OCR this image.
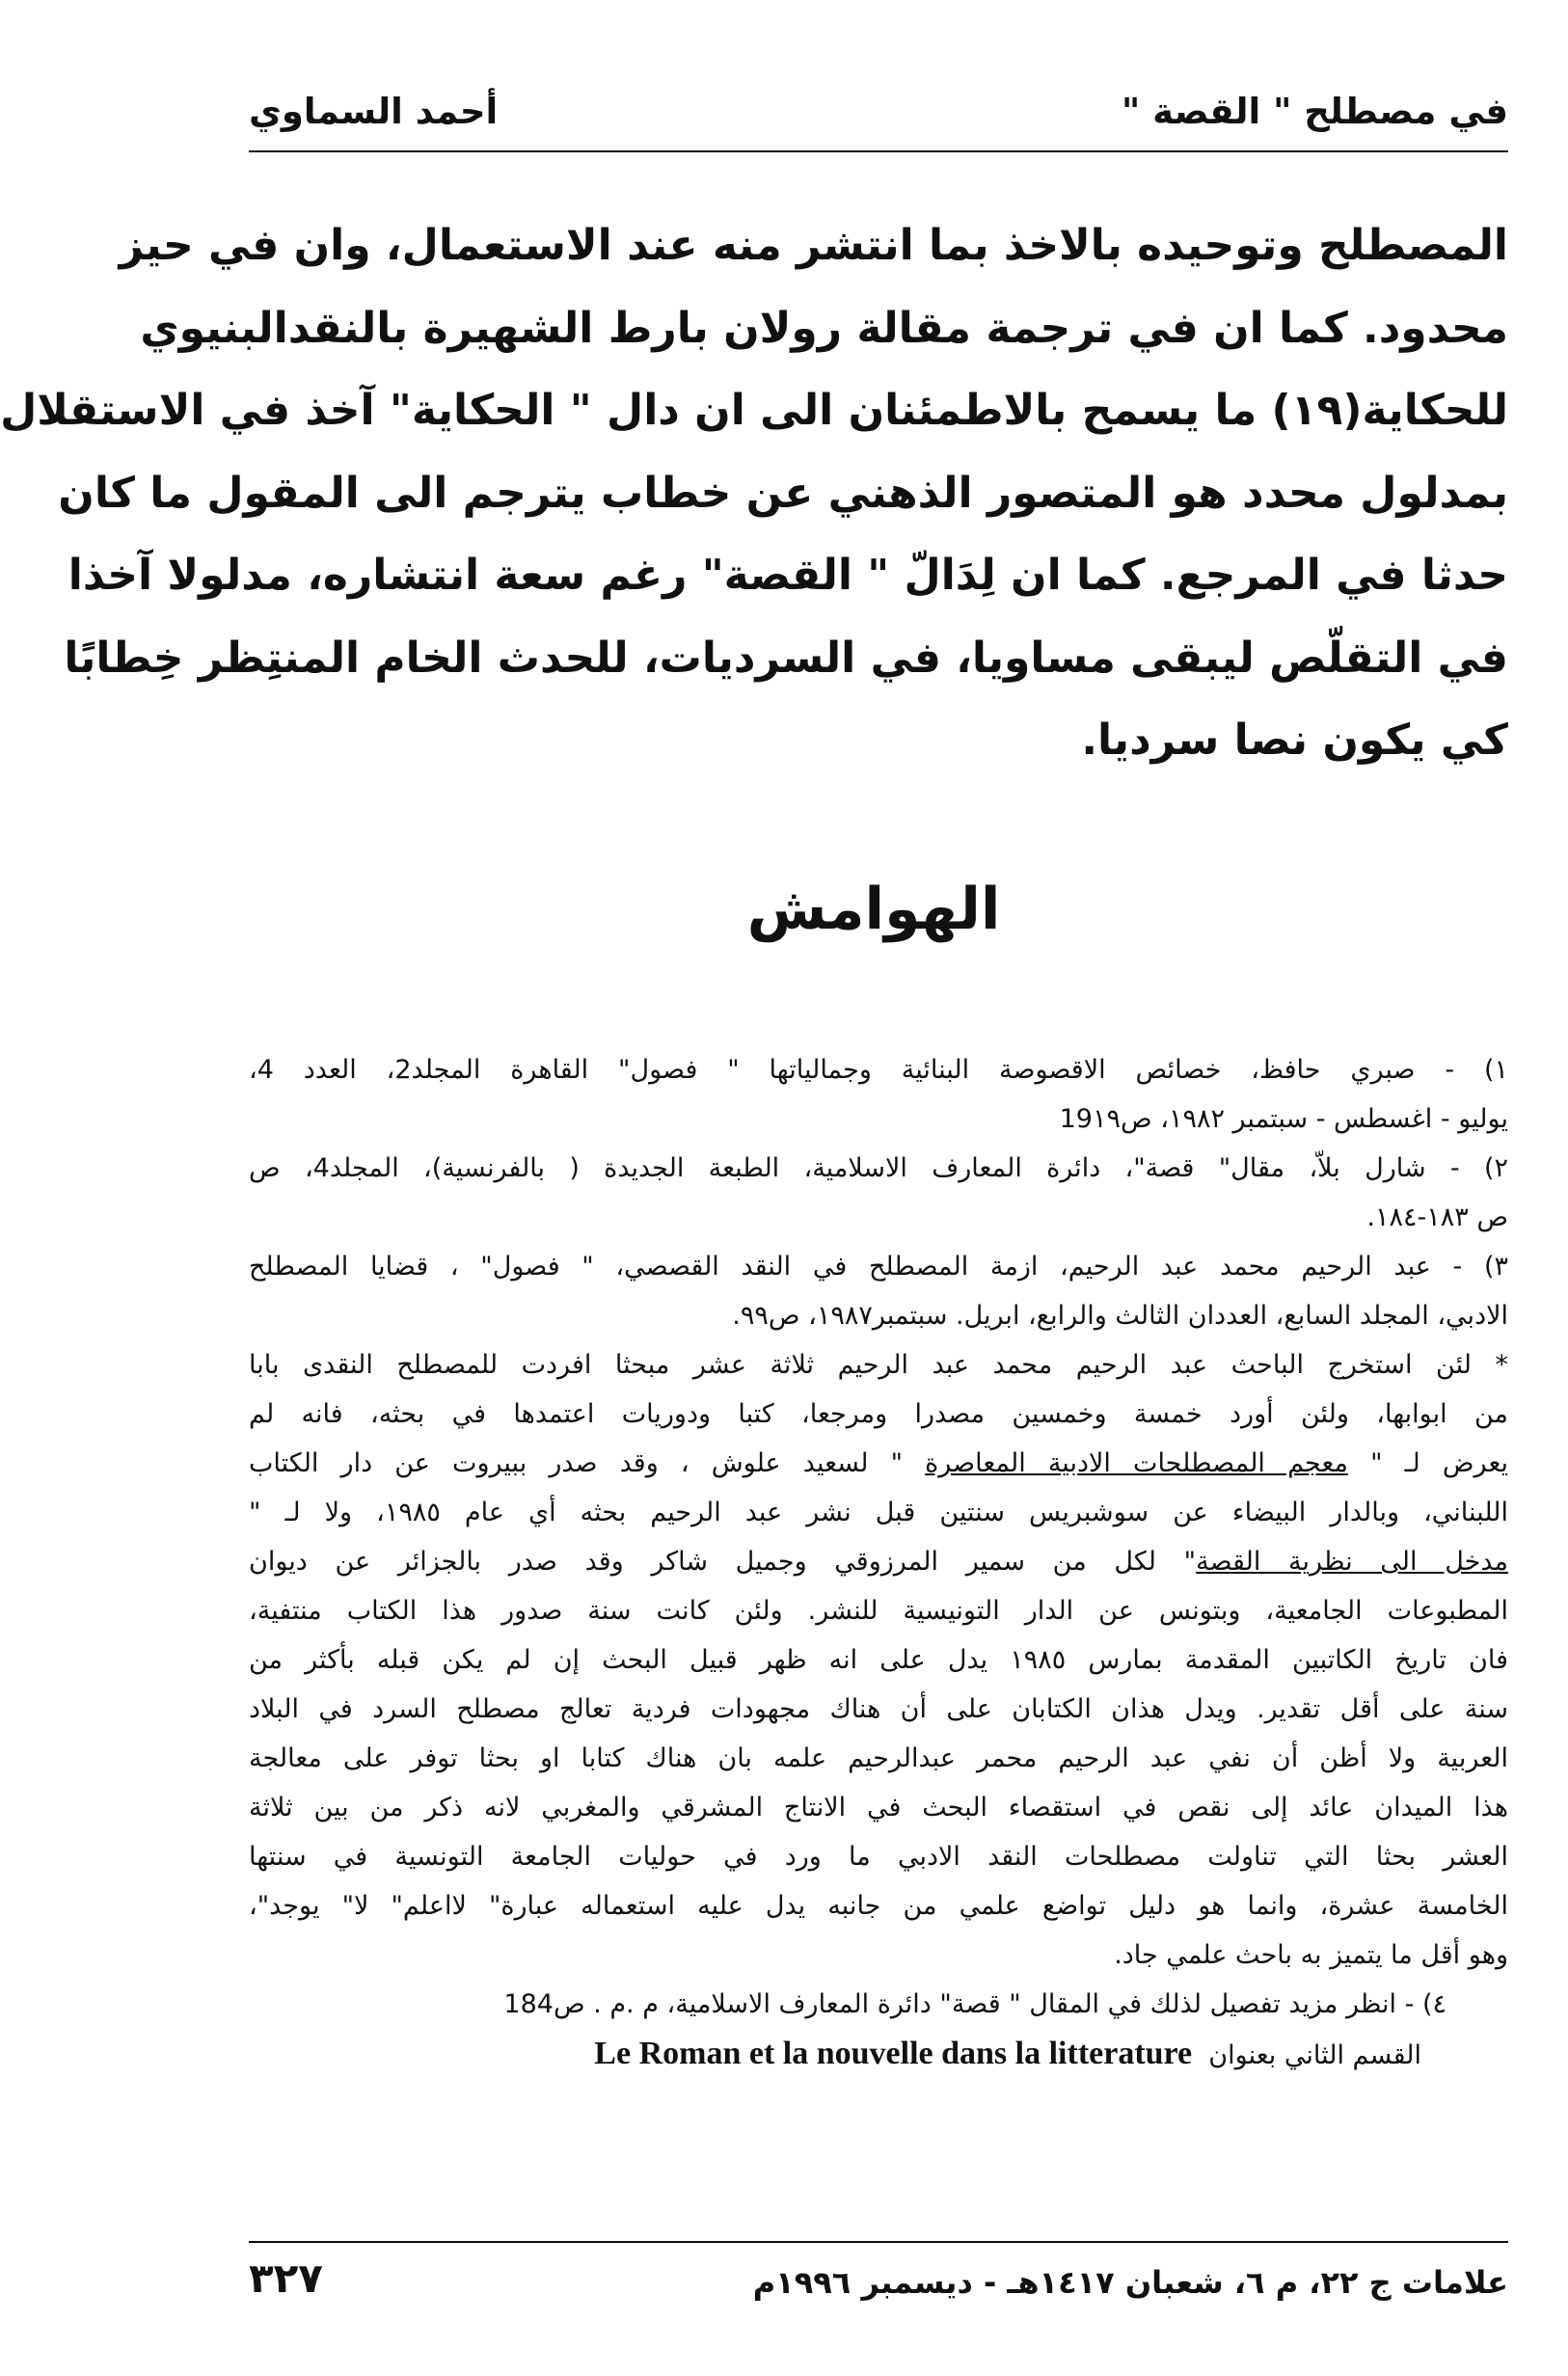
في مصطلح " القصة "
أحمد السماوي
المصطلح وتوحيده بالاخذ بما انتشر منه عند الاستعمال، وان في حيز
محدود. كما ان في ترجمة مقالة رولان بارط الشهيرة بالنقدالبنيوي
للحكاية(١٩) ما يسمح بالاطمئنان الى ان دال " الحكاية" آخذ في الاستقلال
بمدلول محدد هو المتصور الذهني عن خطاب يترجم الى المقول ما كان
حدثا في المرجع. كما ان لِدَالّ " القصة" رغم سعة انتشاره، مدلولا آخذا
في التقلّص ليبقى مساويا، في السرديات، للحدث الخام المنتِظر خِطابًا
كي يكون نصا سرديا.
الهوامش
١) - صبري حافظ، خصائص الاقصوصة البنائية وجمالياتها " فصول" القاهرة المجلد2، العدد 4،
يوليو - اغسطس - سبتمبر ١٩٨٢، ص19١٩
٢) - شارل بلاّ، مقال" قصة"، دائرة المعارف الاسلامية، الطبعة الجديدة ( بالفرنسية)، المجلد4، ص
ص ١٨٣-١٨٤.
٣) - عبد الرحيم محمد عبد الرحيم، ازمة المصطلح في النقد القصصي، " فصول" ، قضايا المصطلح
الادبي، المجلد السابع، العددان الثالث والرابع، ابريل. سبتمبر١٩٨٧، ص٩٩.
* لئن استخرج الباحث عبد الرحيم محمد عبد الرحيم ثلاثة عشر مبحثا افردت للمصطلح النقدى بابا
من ابوابها، ولئن أورد خمسة وخمسين مصدرا ومرجعا، كتبا ودوريات اعتمدها في بحثه، فانه لم
يعرض لـ " معجم المصطلحات الادبية المعاصرة " لسعيد علوش ، وقد صدر ببيروت عن دار الكتاب
اللبناني، وبالدار البيضاء عن سوشبريس سنتين قبل نشر عبد الرحيم بحثه أي عام ١٩٨٥، ولا لـ "
مدخل الى نظرية القصة" لكل من سمير المرزوقي وجميل شاكر وقد صدر بالجزائر عن ديوان
المطبوعات الجامعية، وبتونس عن الدار التونيسية للنشر. ولئن كانت سنة صدور هذا الكتاب منتفية،
فان تاريخ الكاتبين المقدمة بمارس ١٩٨٥ يدل على انه ظهر قبيل البحث إن لم يكن قبله بأكثر من
سنة على أقل تقدير. ويدل هذان الكتابان على أن هناك مجهودات فردية تعالج مصطلح السرد في البلاد
العربية ولا أظن أن نفي عبد الرحيم محمر عبدالرحيم علمه بان هناك كتابا او بحثا توفر على معالجة
هذا الميدان عائد إلى نقص في استقصاء البحث في الانتاج المشرقي والمغربي لانه ذكر من بين ثلاثة
العشر بحثا التي تناولت مصطلحات النقد الادبي ما ورد في حوليات الجامعة التونسية في سنتها
الخامسة عشرة، وانما هو دليل تواضع علمي من جانبه يدل عليه استعماله عبارة" لااعلم" لا" يوجد"،
وهو أقل ما يتميز به باحث علمي جاد.
٤) - انظر مزيد تفصيل لذلك في المقال " قصة" دائرة المعارف الاسلامية، م .م . ص184
القسم الثاني بعنوان  Le Roman et la nouvelle dans la litterature
علامات ج ٢٢، م ٦، شعبان ١٤١٧هـ - ديسمبر ١٩٩٦م
٣٢٧
